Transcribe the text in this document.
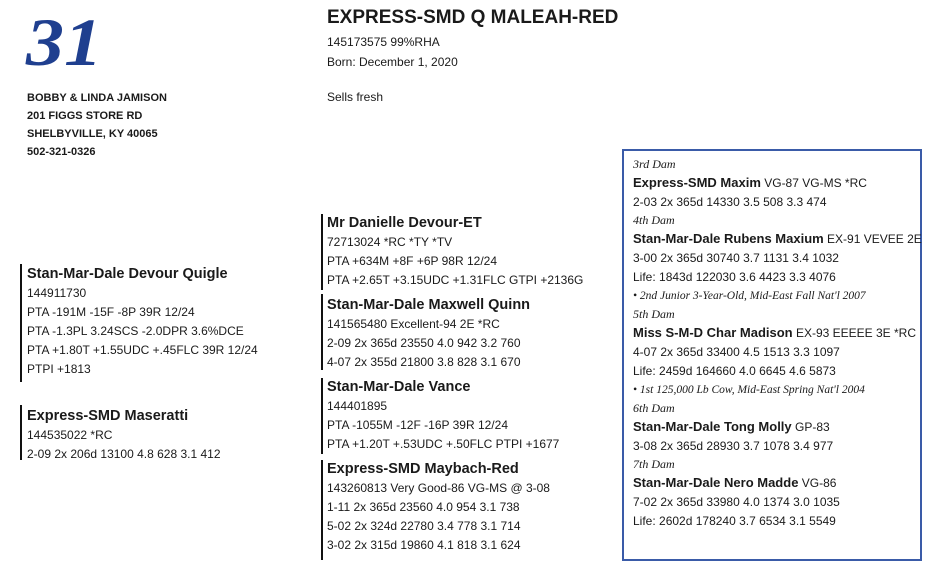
31
BOBBY & LINDA JAMISON
201 FIGGS STORE RD
SHELBYVILLE, KY 40065
502-321-0326
EXPRESS-SMD Q MALEAH-RED
145173575 99%RHA
Born: December 1, 2020
Sells fresh
Stan-Mar-Dale Devour Quigle
144911730
PTA -191M -15F -8P 39R 12/24
PTA -1.3PL 3.24SCS -2.0DPR 3.6%DCE
PTA +1.80T +1.55UDC +.45FLC 39R 12/24
PTPI +1813
Express-SMD Maseratti
144535022 *RC
2-09 2x 206d 13100 4.8 628 3.1 412
Mr Danielle Devour-ET
72713024 *RC *TY *TV
PTA +634M +8F +6P 98R 12/24
PTA +2.65T +3.15UDC +1.31FLC GTPI +2136G
Stan-Mar-Dale Maxwell Quinn
141565480 Excellent-94 2E *RC
2-09 2x 365d 23550 4.0 942 3.2 760
4-07 2x 355d 21800 3.8 828 3.1 670
Stan-Mar-Dale Vance
144401895
PTA -1055M -12F -16P 39R 12/24
PTA +1.20T +.53UDC +.50FLC PTPI +1677
Express-SMD Maybach-Red
143260813 Very Good-86 VG-MS @ 3-08
1-11 2x 365d 23560 4.0 954 3.1 738
5-02 2x 324d 22780 3.4 778 3.1 714
3-02 2x 315d 19860 4.1 818 3.1 624
3rd Dam
Express-SMD Maxim VG-87 VG-MS *RC
2-03 2x 365d 14330 3.5 508 3.3 474
4th Dam
Stan-Mar-Dale Rubens Maxium EX-91 VEVEE 2E
3-00 2x 365d 30740 3.7 1131 3.4 1032
Life: 1843d 122030 3.6 4423 3.3 4076
• 2nd Junior 3-Year-Old, Mid-East Fall Nat'l 2007
5th Dam
Miss S-M-D Char Madison EX-93 EEEEE 3E *RC
4-07 2x 365d 33400 4.5 1513 3.3 1097
Life: 2459d 164660 4.0 6645 4.6 5873
• 1st 125,000 Lb Cow, Mid-East Spring Nat'l 2004
6th Dam
Stan-Mar-Dale Tong Molly GP-83
3-08 2x 365d 28930 3.7 1078 3.4 977
7th Dam
Stan-Mar-Dale Nero Madde VG-86
7-02 2x 365d 33980 4.0 1374 3.0 1035
Life: 2602d 178240 3.7 6534 3.1 5549
